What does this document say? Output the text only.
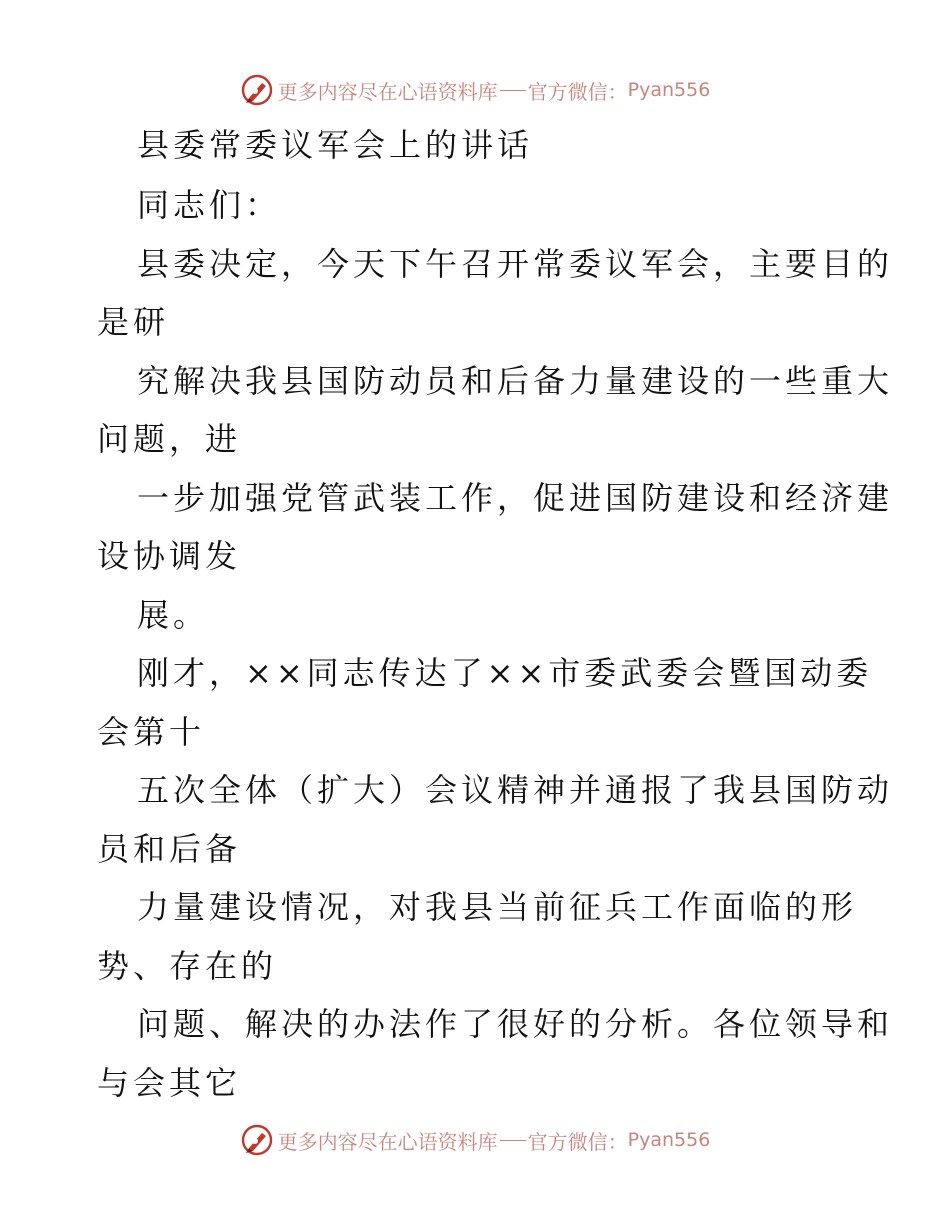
更多内容尽在心语资料库 官方微信： Pyan556
县委常委议军会上的讲话
同志们：
县委决定，今天下午召开常委议军会，主要目的
是研
究解决我县国防动员和后备力量建设的一些重大
问题，进
一步加强党管武装工作，促进国防建设和经济建
设协调发
展。
刚才，××同志传达了××市委武委会暨国动委
会第十
五次全体（扩大）会议精神并通报了我县国防动
员和后备
力量建设情况，对我县当前征兵工作面临的形
势、存在的
问题、解决的办法作了很好的分析。各位领导和
与会其它
更多内容尽在心语资料库 官方微信： Pyan556
